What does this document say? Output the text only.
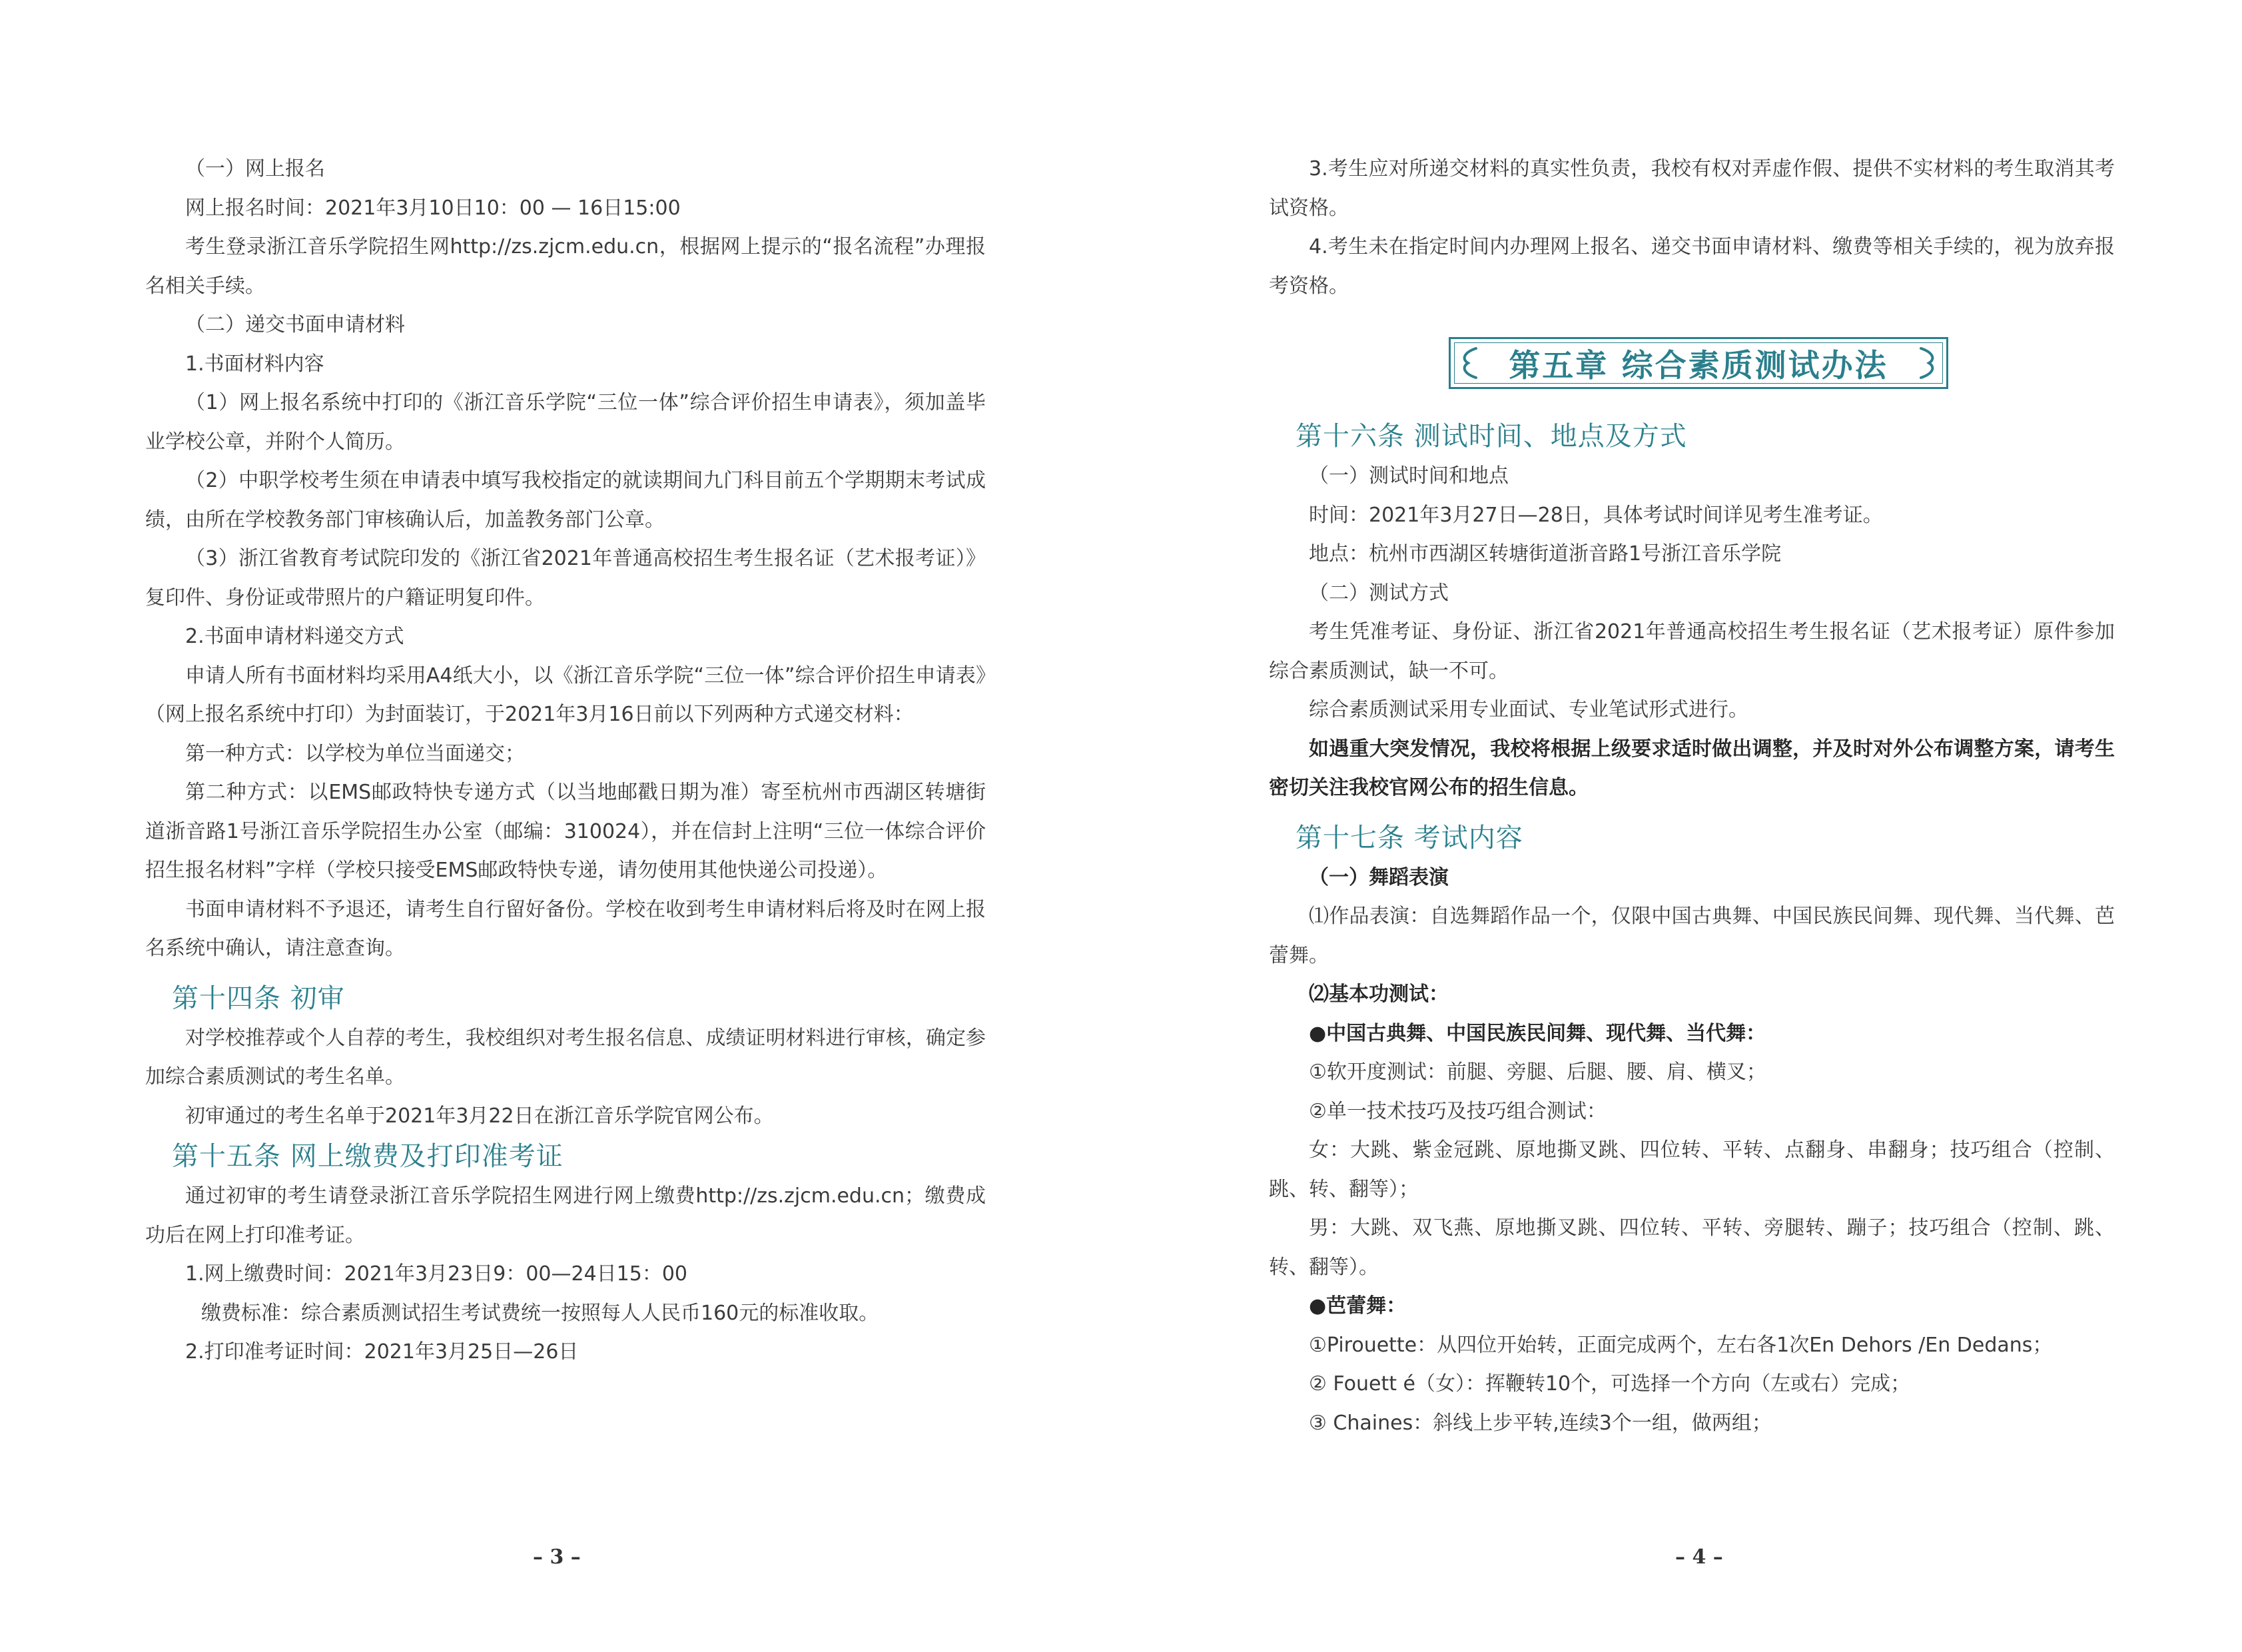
（一）网上报名

网上报名时间：2021年3月10日10：00 — 16日15:00

考生登录浙江音乐学院招生网http://zs.zjcm.edu.cn，根据网上提示的“报名流程”办理报名相关手续。

（二）递交书面申请材料

1.书面材料内容

（1）网上报名系统中打印的《浙江音乐学院“三位一体”综合评价招生申请表》，须加盖毕业学校公章，并附个人简历。

（2）中职学校考生须在申请表中填写我校指定的就读期间九门科目前五个学期期末考试成绩，由所在学校教务部门审核确认后，加盖教务部门公章。

（3）浙江省教育考试院印发的《浙江省2021年普通高校招生考生报名证（艺术报考证）》复印件、身份证或带照片的户籍证明复印件。

2.书面申请材料递交方式

申请人所有书面材料均采用A4纸大小，以《浙江音乐学院“三位一体”综合评价招生申请表》（网上报名系统中打印）为封面装订，于2021年3月16日前以下列两种方式递交材料：

第一种方式：以学校为单位当面递交；

第二种方式：以EMS邮政特快专递方式（以当地邮戳日期为准）寄至杭州市西湖区转塘街道浙音路1号浙江音乐学院招生办公室（邮编：310024），并在信封上注明“三位一体综合评价招生报名材料”字样（学校只接受EMS邮政特快专递，请勿使用其他快递公司投递）。

书面申请材料不予退还，请考生自行留好备份。学校在收到考生申请材料后将及时在网上报名系统中确认，请注意查询。

第十四条 初审

对学校推荐或个人自荐的考生，我校组织对考生报名信息、成绩证明材料进行审核，确定参加综合素质测试的考生名单。

初审通过的考生名单于2021年3月22日在浙江音乐学院官网公布。

第十五条 网上缴费及打印准考证

通过初审的考生请登录浙江音乐学院招生网进行网上缴费http://zs.zjcm.edu.cn；缴费成功后在网上打印准考证。

1.网上缴费时间：2021年3月23日9：00—24日15：00

缴费标准：综合素质测试招生考试费统一按照每人人民币160元的标准收取。

2.打印准考证时间：2021年3月25日—26日

– 3 –

3.考生应对所递交材料的真实性负责，我校有权对弄虚作假、提供不实材料的考生取消其考试资格。

4.考生未在指定时间内办理网上报名、递交书面申请材料、缴费等相关手续的，视为放弃报考资格。

第五章 综合素质测试办法
第十六条 测试时间、地点及方式

（一）测试时间和地点

时间：2021年3月27日—28日，具体考试时间详见考生准考证。

地点：杭州市西湖区转塘街道浙音路1号浙江音乐学院

（二）测试方式

考生凭准考证、身份证、浙江省2021年普通高校招生考生报名证（艺术报考证）原件参加综合素质测试，缺一不可。

综合素质测试采用专业面试、专业笔试形式进行。

如遇重大突发情况，我校将根据上级要求适时做出调整，并及时对外公布调整方案，请考生密切关注我校官网公布的招生信息。

第十七条 考试内容

（一）舞蹈表演

⑴作品表演：自选舞蹈作品一个，仅限中国古典舞、中国民族民间舞、现代舞、当代舞、芭蕾舞。

⑵基本功测试：

●中国古典舞、中国民族民间舞、现代舞、当代舞：

①软开度测试：前腿、旁腿、后腿、腰、肩、横叉；

②单一技术技巧及技巧组合测试：

女：大跳、紫金冠跳、原地撕叉跳、四位转、平转、点翻身、串翻身；技巧组合（控制、跳、转、翻等）；

男：大跳、双飞燕、原地撕叉跳、四位转、平转、旁腿转、蹦子；技巧组合（控制、跳、转、翻等）。

●芭蕾舞：

①Pirouette：从四位开始转，正面完成两个，左右各1次En Dehors /En Dedans；

② Fouett é（女）：挥鞭转10个，可选择一个方向（左或右）完成；

③ Chaines：斜线上步平转,连续3个一组，做两组；

– 4 –
